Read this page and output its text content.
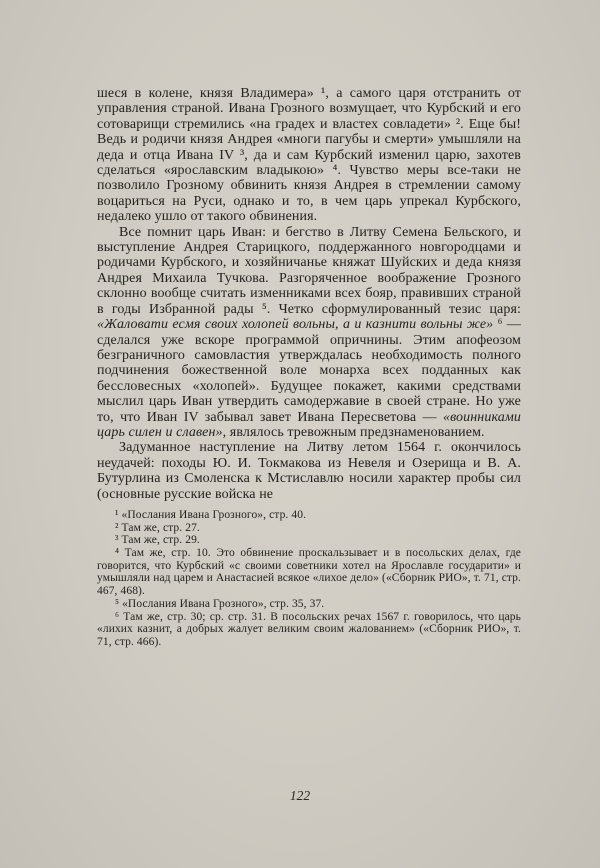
шеся в колене, князя Владимера» ¹, а самого царя отстранить от управления страной. Ивана Грозного возмущает, что Курбский и его сотоварищи стремились «на градех и властех совладети» ². Еще бы! Ведь и родичи князя Андрея «многи пагубы и смерти» умышляли на деда и отца Ивана IV ³, да и сам Курбский изменил царю, захотев сделаться «ярославским владыкою» ⁴. Чувство меры все-таки не позволило Грозному обвинить князя Андрея в стремлении самому воцариться на Руси, однако и то, в чем царь упрекал Курбского, недалеко ушло от такого обвинения.

Все помнит царь Иван: и бегство в Литву Семена Бельского, и выступление Андрея Старицкого, поддержанного новгородцами и родичами Курбского, и хозяйничанье княжат Шуйских и деда князя Андрея Михаила Тучкова. Разгоряченное воображение Грозного склонно вообще считать изменниками всех бояр, правивших страной в годы Избранной рады ⁵. Четко сформулированный тезис царя: «Жаловати есмя своих холопей вольны, а и казнити вольны же» ⁶ — сделался уже вскоре программой опричнины. Этим апофеозом безграничного самовластия утверждалась необходимость полного подчинения божественной воле монарха всех подданных как бессловесных «холопей». Будущее покажет, какими средствами мыслил царь Иван утвердить самодержавие в своей стране. Но уже то, что Иван IV забывал завет Ивана Пересветова — «воинниками царь силен и славен», являлось тревожным предзнаменованием.

Задуманное наступление на Литву летом 1564 г. окончилось неудачей: походы Ю. И. Токмакова из Невеля и Озерища и В. А. Бутурлина из Смоленска к Мстиславлю носили характер пробы сил (основные русские войска не

¹ «Послания Ивана Грозного», стр. 40.

² Там же, стр. 27.

³ Там же, стр. 29.

⁴ Там же, стр. 10. Это обвинение проскальзывает и в посольских делах, где говорится, что Курбский «с своими советники хотел на Ярославле государити» и умышляли над царем и Анастасией всякое «лихое дело» («Сборник РИО», т. 71, стр. 467, 468).

⁵ «Послания Ивана Грозного», стр. 35, 37.

⁶ Там же, стр. 30; ср. стр. 31. В посольских речах 1567 г. говорилось, что царь «лихих казнит, а добрых жалует великим своим жалованием» («Сборник РИО», т. 71, стр. 466).

122
